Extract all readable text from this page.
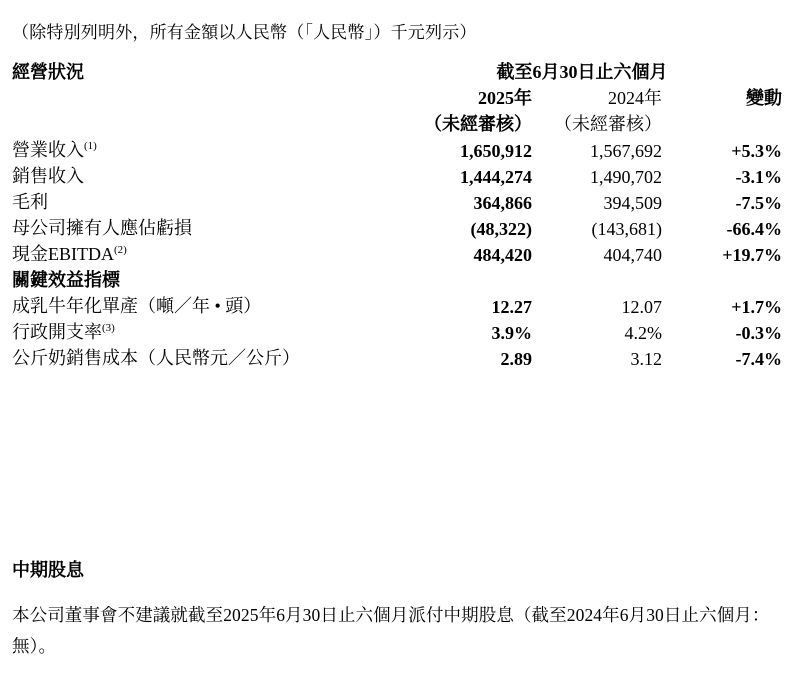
（除特別列明外，所有金額以人民幣（「人民幣」）千元列示）
經營狀況	截至6月30日止六個月		
	2025年	2024年	變動
	（未經審核）	（未經審核）	
營業收入$^{(1)}$	1,650,912	1,567,692	+5.3%
銷售收入	1,444,274	1,490,702	-3.1%
毛利	364,866	394,509	-7.5%
母公司擁有人應佔虧損	(48,322)	(143,681)	-66.4%
現金EBITDA$^{(2)}$	484,420	404,740	+19.7%
關鍵效益指標			
成乳牛年化單產（噸／年 • 頭）	12.27	12.07	+1.7%
行政開支率$^{(3)}$	3.9%	4.2%	-0.3%
公斤奶銷售成本（人民幣元／公斤）	2.89	3.12	-7.4%
中期股息
本公司董事會不建議就截至2025年6月30日止六個月派付中期股息（截至2024年6月30日止六個月：無）。
